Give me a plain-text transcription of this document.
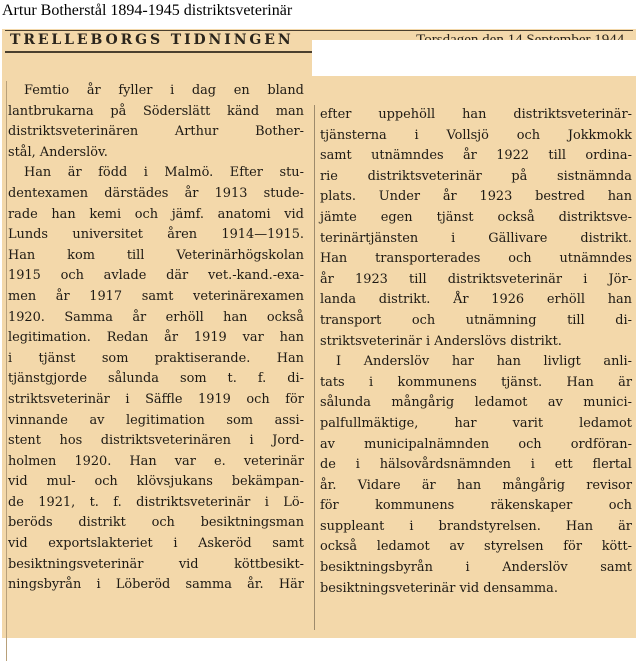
Artur Botherstål 1894-1945 distriktsveterinär
TRELLEBORGS TIDNINGEN
Femtio år fyller i dag en bland
lantbrukarna på Söderslätt känd man
distriktsveterinären	Arthur	Bother-
stål, Anderslöv.
Han är född i Malmö. Efter stu-
dentexamen därstädes år 1913 stude-
rade han kemi och jämf. anatomi vid
Lunds universitet åren 1914—1915.
Han kom till Veterinärhögskolan
1915 och avlade där vet.-kand.-exa-
men år 1917 samt veterinärexamen
1920. Samma år erhöll han också
legitimation. Redan år 1919 var han
i tjänst som praktiserande. Han
tjänstgjorde sålunda som t. f. di-
striktsveterinär i Säffle 1919 och för
vinnande av legitimation som assi-
stent hos distriktsveterinären i Jord-
holmen 1920. Han var e. veterinär
vid mul- och klövsjukans bekämpan-
de 1921, t. f. distriktsveterinär i Lö-
beröds distrikt och besiktningsman
vid exportslakteriet i Askeröd samt
besiktningsveterinär	vid	köttbesikt-
ningsbyrån i Löberöd samma år. Här
efter uppehöll han distriktsveterinär-
tjänsterna i Vollsjö och Jokkmokk
samt utnämndes år 1922 till ordina-
rie distriktsveterinär på sistnämnda
plats. Under år 1923 bestred han
jämte egen tjänst också distriktsve-
terinärtjänsten	i	Gällivare	distrikt.
Han transporterades och utnämndes
år 1923 till distriktsveterinär i Jör-
landa distrikt. År 1926 erhöll han
transport och utnämning till di-
striktsveterinär i Anderslövs distrikt.
I Anderslöv har han livligt anli-
tats i kommunens tjänst. Han är
sålunda mångårig ledamot av munici-
palfullmäktige,	har	varit	ledamot
av municipalnämnden och ordföran-
de i hälsovårdsnämnden i ett flertal
år. Vidare är han mångårig revisor
för	kommunens	räkenskaper	och
suppleant i brandstyrelsen. Han är
också ledamot av styrelsen för kött-
besiktningsbyrån	i	Anderslöv	samt
besiktningsveterinär vid densamma.
